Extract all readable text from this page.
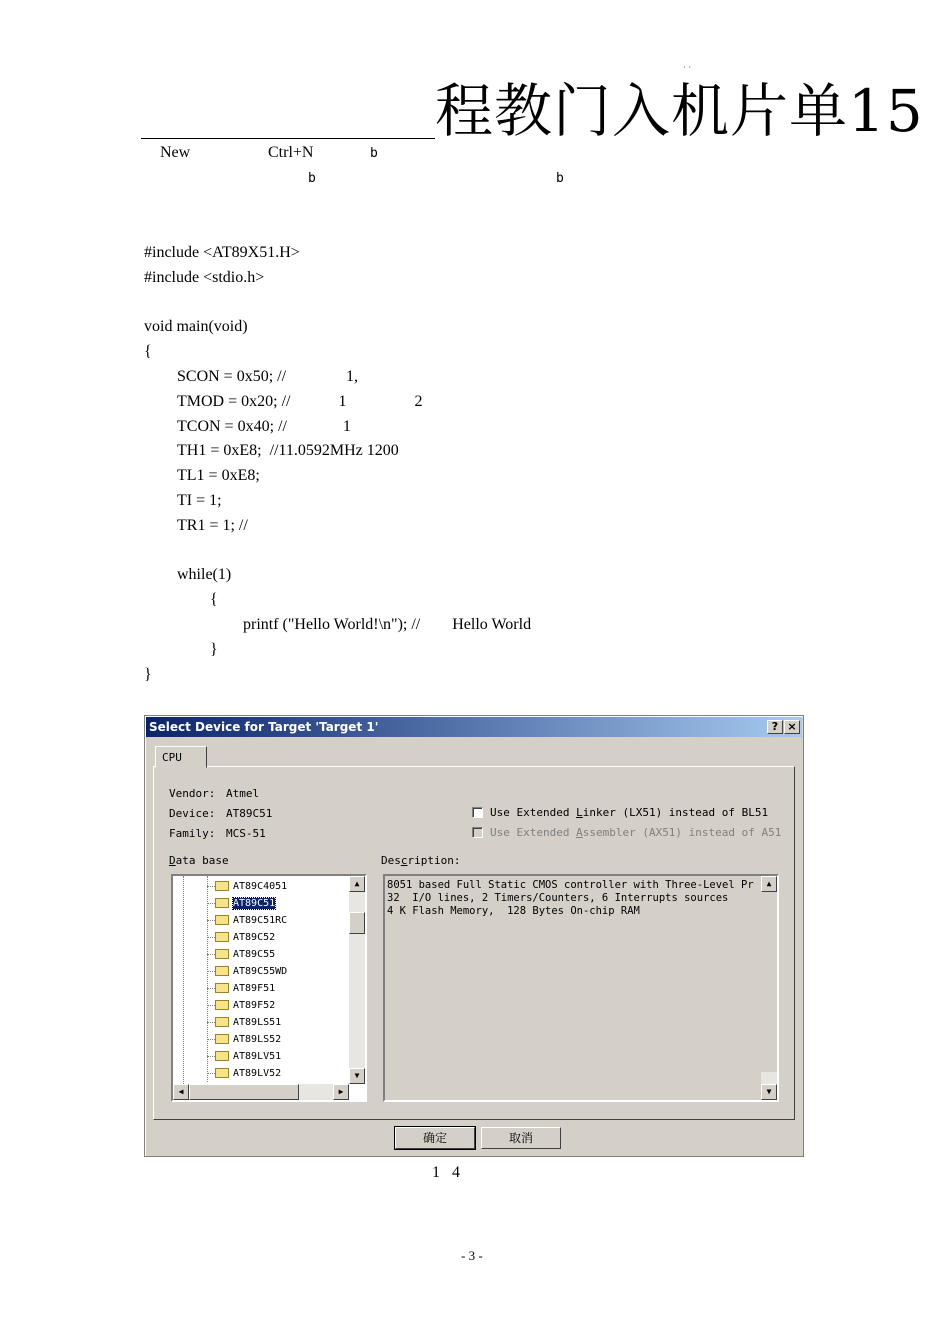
· ·
程教门入机片单15
New	Ctrl+N	b
b	b
#include <AT89X51.H>
#include <stdio.h>
void main(void)
{
SCON = 0x50; //               1,
TMOD = 0x20; //            1                 2
TCON = 0x40; //              1
TH1 = 0xE8;  //11.0592MHz 1200
TL1 = 0xE8;
TI = 1;
TR1 = 1; //
while(1)
{
printf ("Hello World!\n"); //        Hello World
}
}
Select Device for Target 'Target 1'	? ×
CPU
Vendor: Atmel
Device: AT89C51
Family: MCS-51
Use Extended Linker (LX51) instead of BL51
Use Extended Assembler (AX51) instead of A51
Data base	Description:
AT89C4051
AT89C51
AT89C51RC
AT89C52
AT89C55
AT89C55WD
AT89F51
AT89F52
AT89LS51
AT89LS52
AT89LV51
AT89LV52
▲
▼
◀	▶
8051 based Full Static CMOS controller with Three-Level Pr
32  I/O lines, 2 Timers/Counters, 6 Interrupts sources
4 K Flash Memory,  128 Bytes On-chip RAM
▲
▼
确定	取消
1   4
- 3 -
